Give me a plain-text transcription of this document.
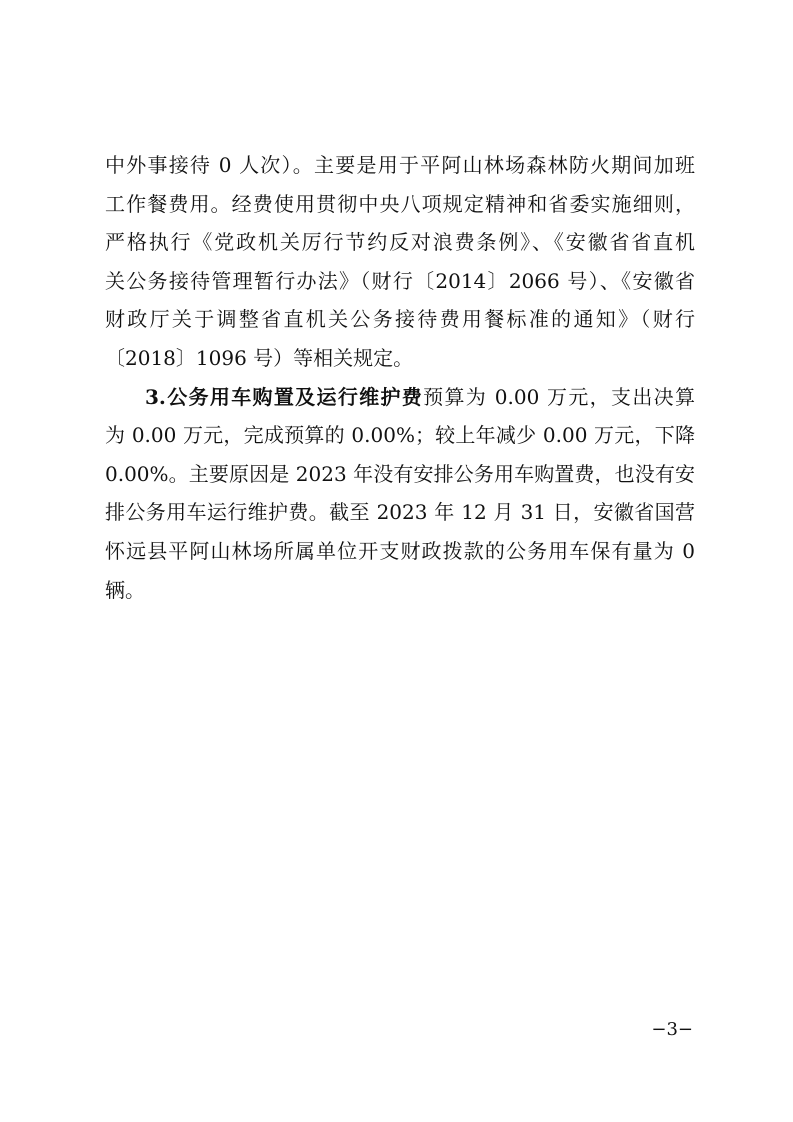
中外事接待 0 人次）。主要是用于平阿山林场森林防火期间加班
工作餐费用。经费使用贯彻中央八项规定精神和省委实施细则，
严格执行《党政机关厉行节约反对浪费条例》、《安徽省省直机
关公务接待管理暂行办法》（财行〔2014〕2066 号）、《安徽省
财政厅关于调整省直机关公务接待费用餐标准的通知》（财行
〔2018〕1096 号）等相关规定。
3.公务用车购置及运行维护费预算为 0.00 万元，支出决算
为 0.00 万元，完成预算的 0.00%；较上年减少 0.00 万元，下降
0.00%。主要原因是 2023 年没有安排公务用车购置费，也没有安
排公务用车运行维护费。截至 2023 年 12 月 31 日，安徽省国营
怀远县平阿山林场所属单位开支财政拨款的公务用车保有量为 0
辆。
−3−
